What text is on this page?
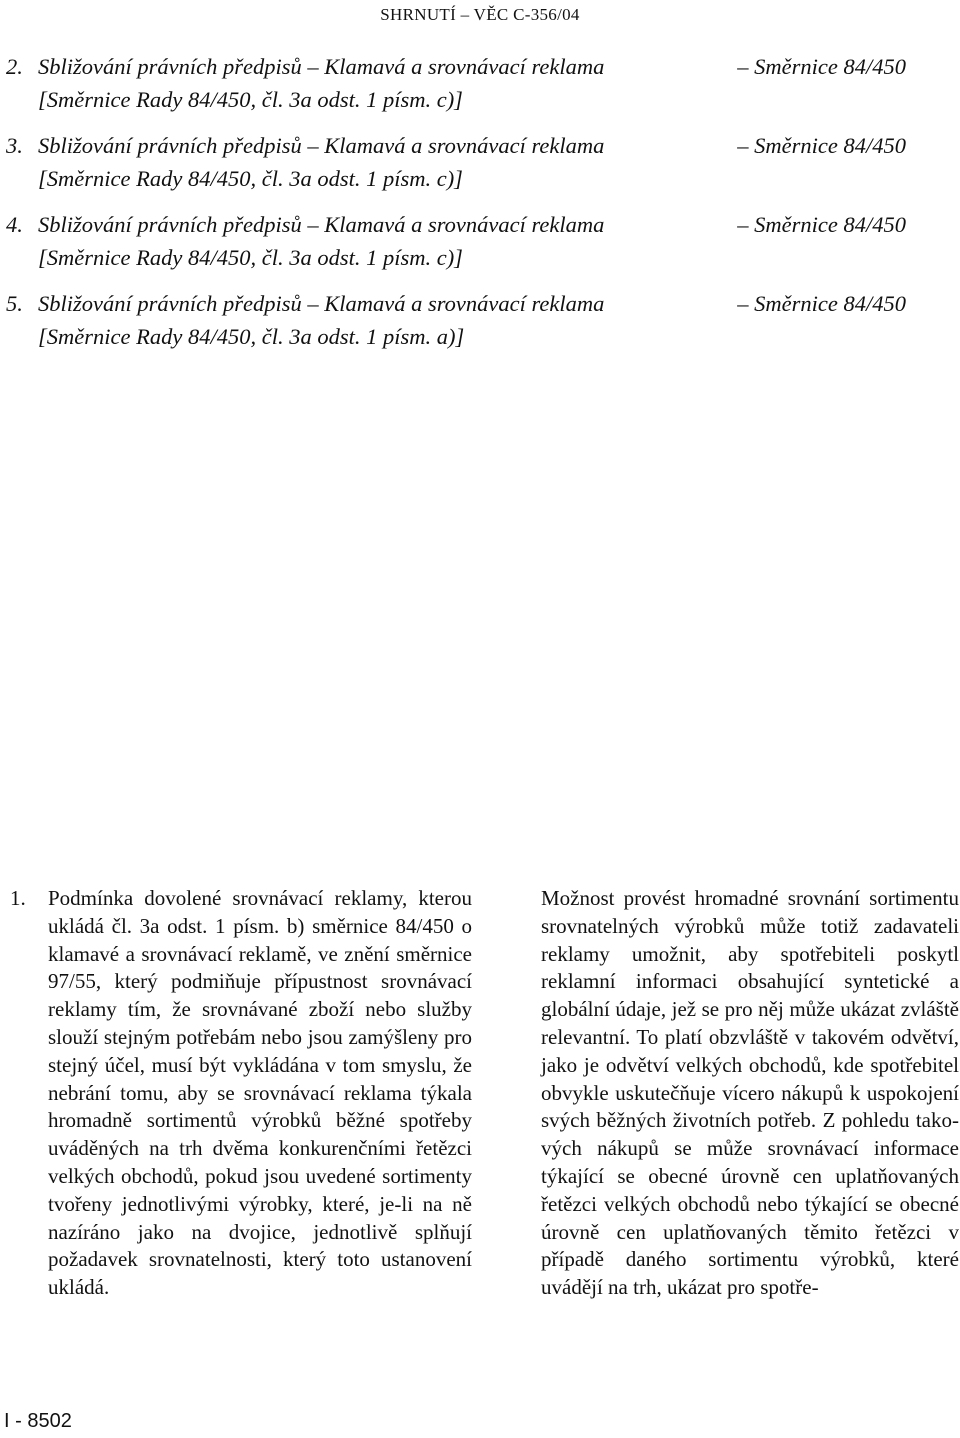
SHRNUTÍ – VĚC C-356/04
2. Sbližování právních předpisů – Klamavá a srovnávací reklama	– Směrnice 84/450
[Směrnice Rady 84/450, čl. 3a odst. 1 písm. c)]
3. Sbližování právních předpisů – Klamavá a srovnávací reklama	– Směrnice 84/450
[Směrnice Rady 84/450, čl. 3a odst. 1 písm. c)]
4. Sbližování právních předpisů – Klamavá a srovnávací reklama	– Směrnice 84/450
[Směrnice Rady 84/450, čl. 3a odst. 1 písm. c)]
5. Sbližování právních předpisů – Klamavá a srovnávací reklama	– Směrnice 84/450
[Směrnice Rady 84/450, čl. 3a odst. 1 písm. a)]
1.	Podmínka dovolené srovnávací reklamy, kterou ukládá čl. 3a odst. 1 písm. b) směrnice 84/450 o klamavé a srovnávací reklamě, ve znění směrnice 97/55, který podmiňuje přípustnost srovnávací reklamy tím, že srovnávané zboží nebo služby slouží stejným potřebám nebo jsou zamýšleny pro stejný účel, musí být vykládána v tom smyslu, že nebrání tomu, aby se srovnávací reklama týkala hromadně sortimentů výrobků běžné spotřeby uváděných na trh dvěma konkurenčními řetězci velkých obchodů, pokud jsou uvedené sortimenty tvořeny jednotlivými výrobky, které, je-li na ně nazíráno jako na dvojice, jednotlivě splňují požadavek srovnatelnosti, který toto ustanovení ukládá.
Možnost provést hromadné srovnání sortimentu srovnatelných výrobků může totiž zadavateli reklamy umožnit, aby spotřebiteli poskytl reklamní informaci obsahující syntetické a globální údaje, jež se pro něj může ukázat zvláště relevantní. To platí obzvláště v takovém odvětví, jako je odvětví velkých obchodů, kde spotřebitel obvykle uskutečňuje vícero nákupů k uspokojení svých běžných životních potřeb. Z pohledu takových nákupů se může srovnávací informace týkající se obecné úrovně cen uplatňovaných řetězci velkých obchodů nebo týkající se obecné úrovně cen uplatňovaných těmito řetězci v případě daného sortimentu výrobků, které uvádějí na trh, ukázat pro spotře-
I - 8502
